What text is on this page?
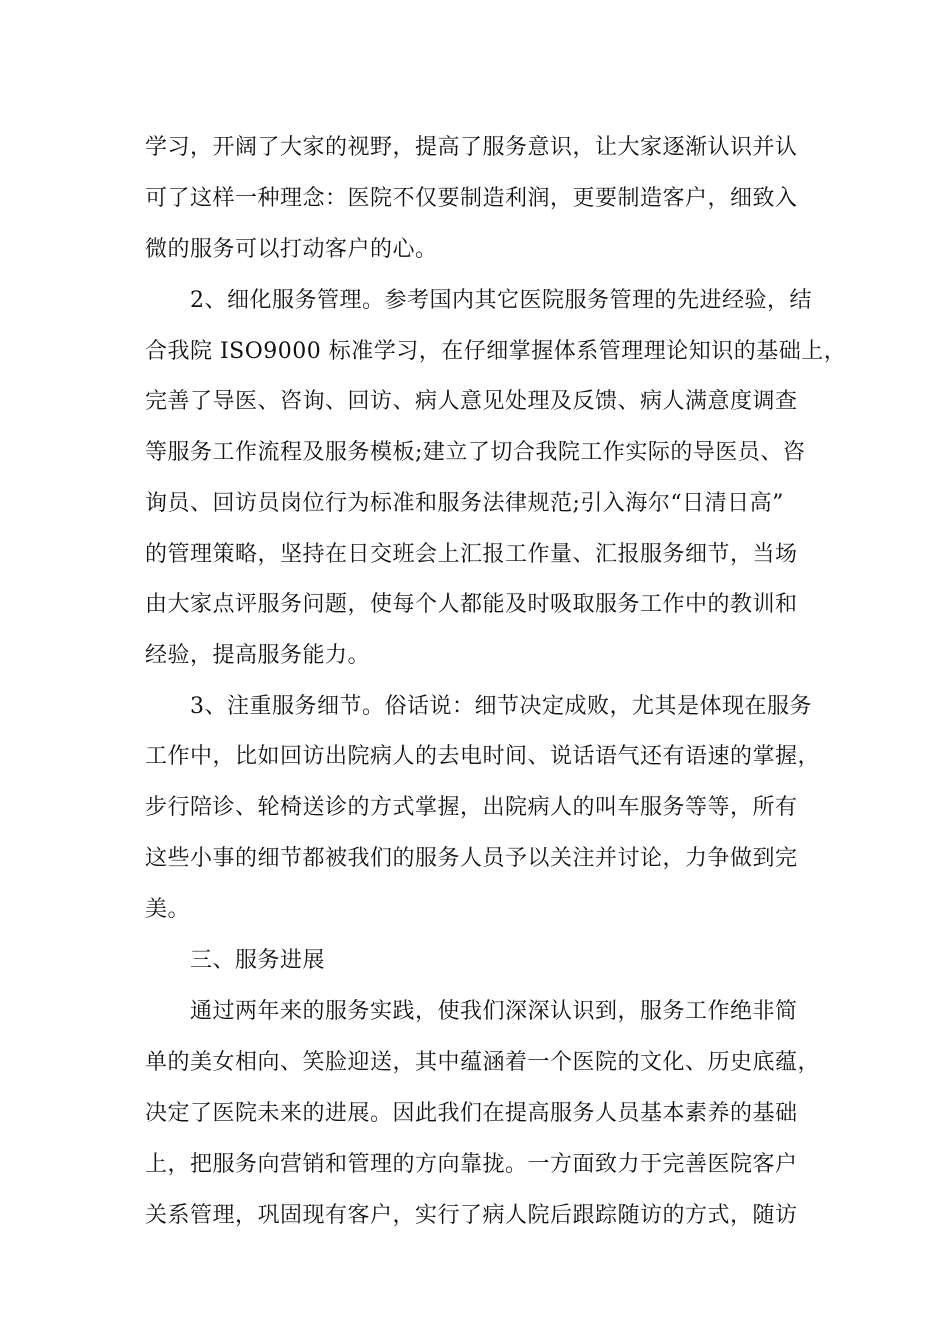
学习，开阔了大家的视野，提高了服务意识，让大家逐渐认识并认
可了这样一种理念：医院不仅要制造利润，更要制造客户，细致入
微的服务可以打动客户的心。
2、细化服务管理。参考国内其它医院服务管理的先进经验，结
合我院 ISO9000 标准学习，在仔细掌握体系管理理论知识的基础上，
完善了导医、咨询、回访、病人意见处理及反馈、病人满意度调查
等服务工作流程及服务模板;建立了切合我院工作实际的导医员、咨
询员、回访员岗位行为标准和服务法律规范;引入海尔“日清日高”
的管理策略，坚持在日交班会上汇报工作量、汇报服务细节，当场
由大家点评服务问题，使每个人都能及时吸取服务工作中的教训和
经验，提高服务能力。
3、注重服务细节。俗话说：细节决定成败，尤其是体现在服务
工作中，比如回访出院病人的去电时间、说话语气还有语速的掌握，
步行陪诊、轮椅送诊的方式掌握，出院病人的叫车服务等等，所有
这些小事的细节都被我们的服务人员予以关注并讨论，力争做到完
美。
三、服务进展
通过两年来的服务实践，使我们深深认识到，服务工作绝非简
单的美女相向、笑脸迎送，其中蕴涵着一个医院的文化、历史底蕴，
决定了医院未来的进展。因此我们在提高服务人员基本素养的基础
上，把服务向营销和管理的方向靠拢。一方面致力于完善医院客户
关系管理，巩固现有客户，实行了病人院后跟踪随访的方式，随访
